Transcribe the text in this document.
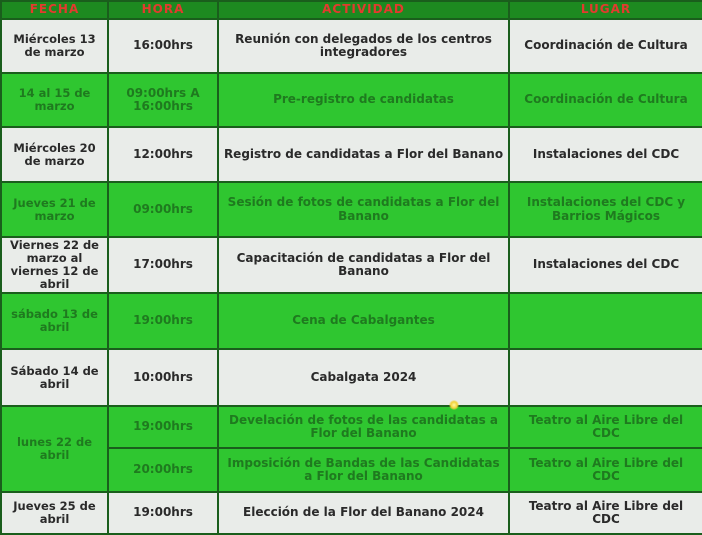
FECHA	HORA	ACTIVIDAD	LUGAR
Miércoles 13 de marzo	16:00hrs	Reunión con delegados de los centros integradores	Coordinación de Cultura
14 al 15 de marzo	09:00hrs A 16:00hrs	Pre-registro de candidatas	Coordinación de Cultura
Miércoles 20 de marzo	12:00hrs	Registro de candidatas a Flor del Banano	Instalaciones del CDC
Jueves 21 de marzo	09:00hrs	Sesión de fotos de candidatas a Flor del Banano	Instalaciones del CDC y Barrios Mágicos
Viernes 22 de marzo al viernes 12 de abril	17:00hrs	Capacitación de candidatas a Flor del Banano	Instalaciones del CDC
sábado 13 de abril	19:00hrs	Cena de Cabalgantes	
Sábado 14 de abril	10:00hrs	Cabalgata 2024	
lunes 22 de abril	19:00hrs	Develación de fotos de las candidatas a Flor del Banano	Teatro al Aire Libre del CDC
	20:00hrs	Imposición de Bandas de las Candidatas a Flor del Banano	Teatro al Aire Libre del CDC
Jueves 25 de abril	19:00hrs	Elección de la Flor del Banano 2024	Teatro al Aire Libre del CDC
